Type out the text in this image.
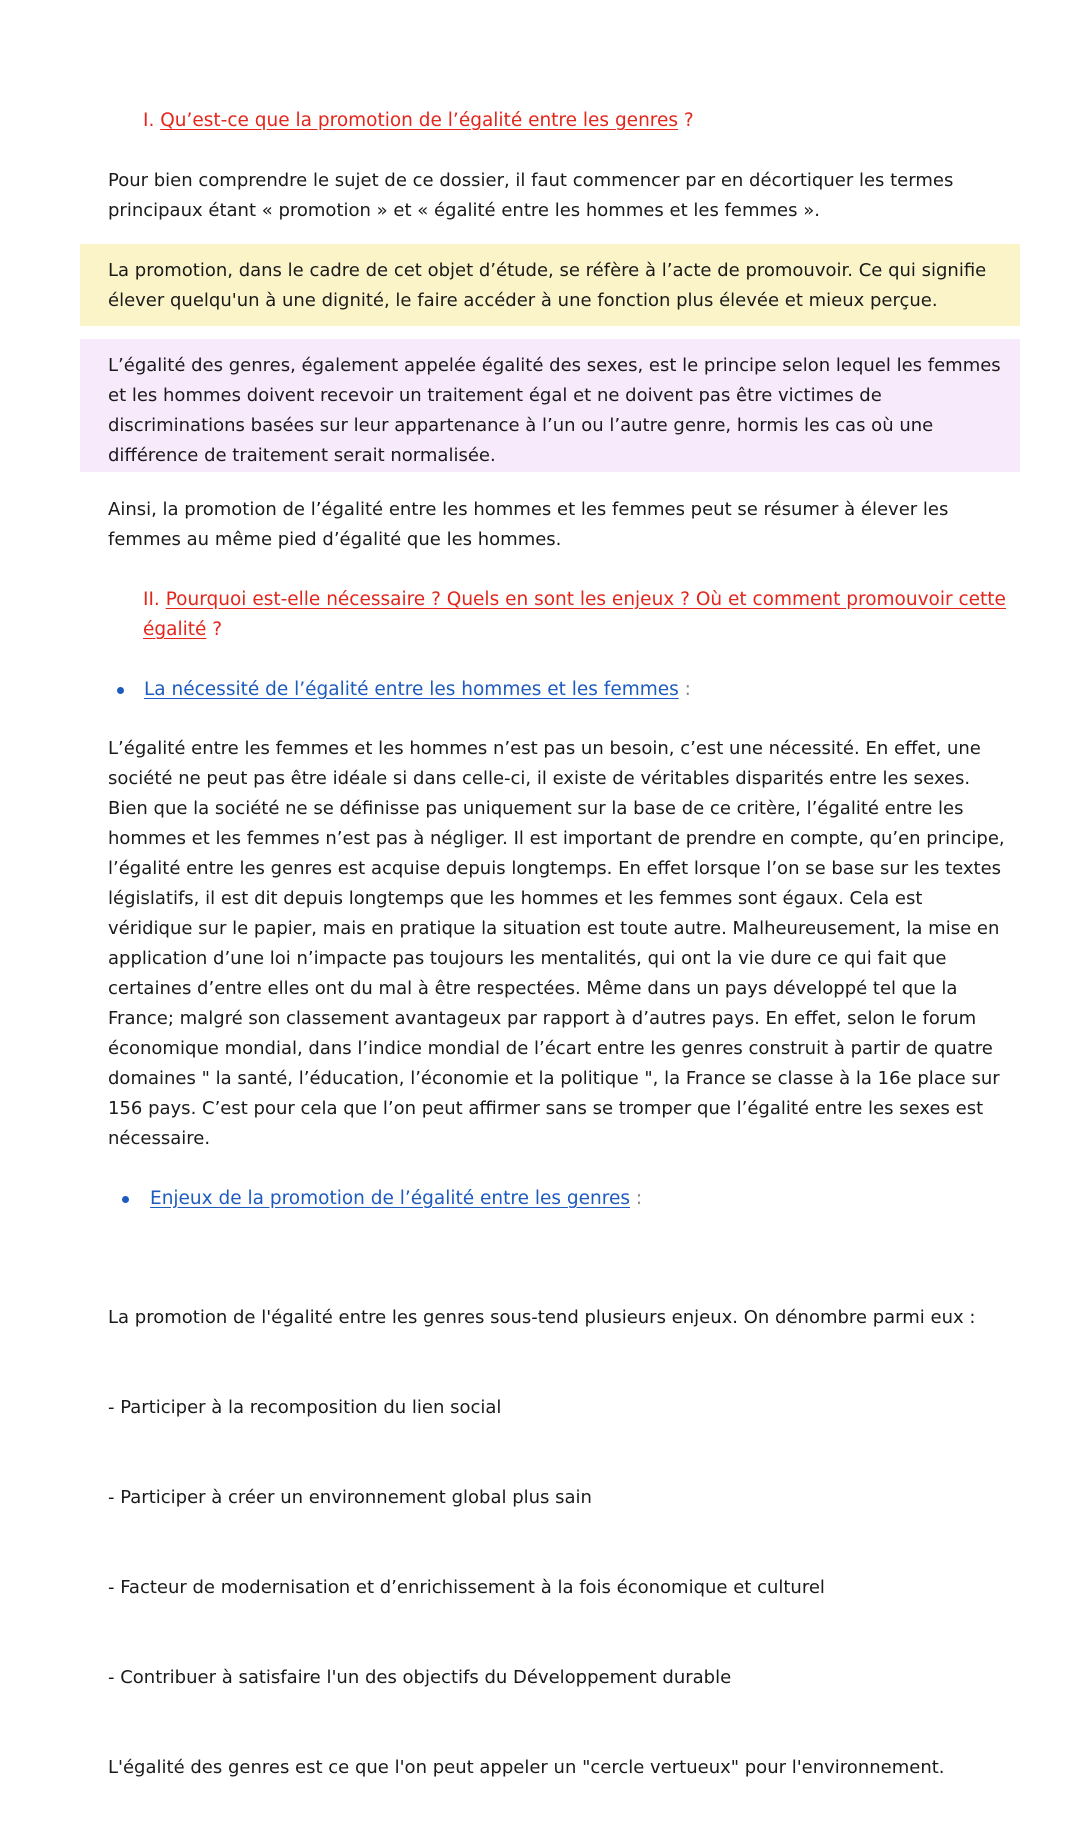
I. Qu’est-ce que la promotion de l’égalité entre les genres ?
Pour bien comprendre le sujet de ce dossier, il faut commencer par en décortiquer les termes
principaux étant « promotion » et « égalité entre les hommes et les femmes ».
La promotion, dans le cadre de cet objet d’étude, se réfère à l’acte de promouvoir. Ce qui signifie
élever quelqu'un à une dignité, le faire accéder à une fonction plus élevée et mieux perçue.
L’égalité des genres, également appelée égalité des sexes, est le principe selon lequel les femmes
et les hommes doivent recevoir un traitement égal et ne doivent pas être victimes de
discriminations basées sur leur appartenance à l’un ou l’autre genre, hormis les cas où une
différence de traitement serait normalisée.
Ainsi, la promotion de l’égalité entre les hommes et les femmes peut se résumer à élever les
femmes au même pied d’égalité que les hommes.
II. Pourquoi est-elle nécessaire ? Quels en sont les enjeux ? Où et comment promouvoir cette
égalité ?
La nécessité de l’égalité entre les hommes et les femmes :
L’égalité entre les femmes et les hommes n’est pas un besoin, c’est une nécessité. En effet, une
société ne peut pas être idéale si dans celle-ci, il existe de véritables disparités entre les sexes.
Bien que la société ne se définisse pas uniquement sur la base de ce critère, l’égalité entre les
hommes et les femmes n’est pas à négliger. Il est important de prendre en compte, qu’en principe,
l’égalité entre les genres est acquise depuis longtemps. En effet lorsque l’on se base sur les textes
législatifs, il est dit depuis longtemps que les hommes et les femmes sont égaux. Cela est
véridique sur le papier, mais en pratique la situation est toute autre. Malheureusement, la mise en
application d’une loi n’impacte pas toujours les mentalités, qui ont la vie dure ce qui fait que
certaines d’entre elles ont du mal à être respectées. Même dans un pays développé tel que la
France; malgré son classement avantageux par rapport à d’autres pays. En effet, selon le forum
économique mondial, dans l’indice mondial de l’écart entre les genres construit à partir de quatre
domaines " la santé, l’éducation, l’économie et la politique ", la France se classe à la 16e place sur
156 pays. C’est pour cela que l’on peut affirmer sans se tromper que l’égalité entre les sexes est
nécessaire.
Enjeux de la promotion de l’égalité entre les genres :

La promotion de l'égalité entre les genres sous-tend plusieurs enjeux. On dénombre parmi eux :

- Participer à la recomposition du lien social

- Participer à créer un environnement global plus sain

- Facteur de modernisation et d’enrichissement à la fois économique et culturel

- Contribuer à satisfaire l'un des objectifs du Développement durable

L'égalité des genres est ce que l'on peut appeler un "cercle vertueux" pour l'environnement.
